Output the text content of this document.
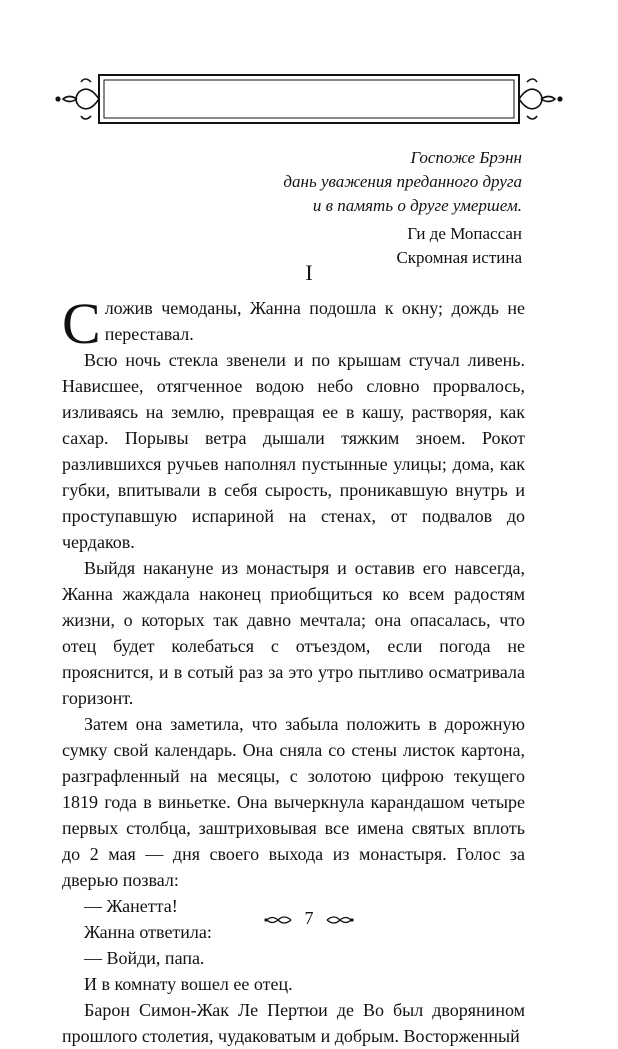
Госпоже Брэнн
дань уважения преданного друга
и в память о друге умершем.
Ги де Мопассан
Скромная истина
I

Сложив чемоданы, Жанна подошла к окну; дождь не переставал.

Всю ночь стекла звенели и по крышам стучал ливень. Нависшее, отягченное водою небо словно прорвалось, изливаясь на землю, превращая ее в кашу, растворяя, как сахар. Порывы ветра дышали тяжким зноем. Рокот разлившихся ручьев наполнял пустынные улицы; дома, как губки, впитывали в себя сырость, проникавшую внутрь и проступавшую испариной на стенах, от подвалов до чердаков.

Выйдя накануне из монастыря и оставив его навсегда, Жанна жаждала наконец приобщиться ко всем радостям жизни, о которых так давно мечтала; она опасалась, что отец будет колебаться с отъездом, если погода не прояснится, и в сотый раз за это утро пытливо осматривала горизонт.

Затем она заметила, что забыла положить в дорожную сумку свой календарь. Она сняла со стены листок картона, разграфленный на месяцы, с золотою цифрою текущего 1819 года в виньетке. Она вычеркнула карандашом четыре первых столбца, заштриховывая все имена святых вплоть до 2 мая — дня своего выхода из монастыря. Голос за дверью позвал:

— Жанетта!

Жанна ответила:

— Войди, папа.

И в комнату вошел ее отец.

Барон Симон-Жак Ле Пертюи де Во был дворянином прошлого столетия, чудаковатым и добрым. Восторженный

7
